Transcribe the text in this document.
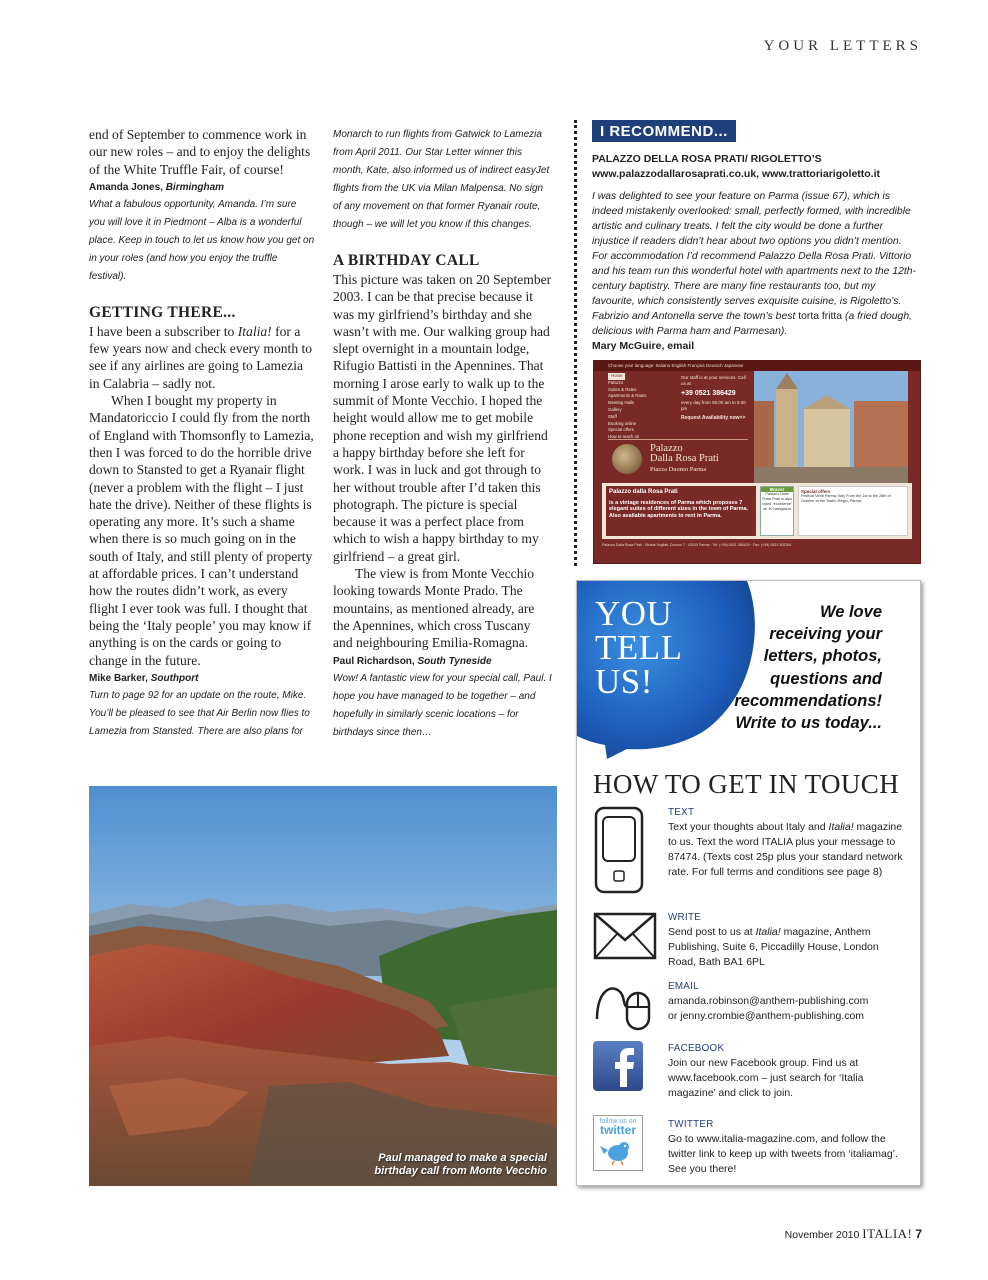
YOUR LETTERS
end of September to commence work in our new roles – and to enjoy the delights of the White Truffle Fair, of course!
Amanda Jones, Birmingham
What a fabulous opportunity, Amanda. I’m sure you will love it in Piedmont – Alba is a wonderful place. Keep in touch to let us know how you get on in your roles (and how you enjoy the truffle festival).
GETTING THERE...

I have been a subscriber to Italia! for a few years now and check every month to see if any airlines are going to Lamezia in Calabria – sadly not.

When I bought my property in Mandatoriccio I could fly from the north of England with Thomsonfly to Lamezia, then I was forced to do the horrible drive down to Stansted to get a Ryanair flight (never a problem with the flight – I just hate the drive). Neither of these flights is operating any more. It’s such a shame when there is so much going on in the south of Italy, and still plenty of property at affordable prices. I can’t understand how the routes didn’t work, as every flight I ever took was full. I thought that being the ‘Italy people’ you may know if anything is on the cards or going to change in the future.

Mike Barker, Southport
Turn to page 92 for an update on the route, Mike. You’ll be pleased to see that Air Berlin now flies to Lamezia from Stansted. There are also plans for
Monarch to run flights from Gatwick to Lamezia from April 2011. Our Star Letter winner this month, Kate, also informed us of indirect easyJet flights from the UK via Milan Malpensa. No sign of any movement on that former Ryanair route, though – we will let you know if this changes.
A BIRTHDAY CALL

This picture was taken on 20 September 2003. I can be that precise because it was my girlfriend’s birthday and she wasn’t with me. Our walking group had slept overnight in a mountain lodge, Rifugio Battisti in the Apennines. That morning I arose early to walk up to the summit of Monte Vecchio. I hoped the height would allow me to get mobile phone reception and wish my girlfriend a happy birthday before she left for work. I was in luck and got through to her without trouble after I’d taken this photograph. The picture is special because it was a perfect place from which to wish a happy birthday to my girlfriend – a great girl.

The view is from Monte Vecchio looking towards Monte Prado. The mountains, as mentioned already, are the Apennines, which cross Tuscany and neighbouring Emilia-Romagna.

Paul Richardson, South Tyneside
Wow! A fantastic view for your special call, Paul. I hope you have managed to be together – and hopefully in similarly scenic locations – for birthdays since then…
Paul managed to make a special
birthday call from Monte Vecchio
I RECOMMEND...
PALAZZO DELLA ROSA PRATI/ RIGOLETTO’S
www.palazzodallarosaprati.co.uk, www.trattoriarigoletto.it
I was delighted to see your feature on Parma (issue 67), which is indeed mistakenly overlooked: small, perfectly formed, with incredible artistic and culinary treats. I felt the city would be done a further injustice if readers didn’t hear about two options you didn’t mention. For accommodation I’d recommend Palazzo Della Rosa Prati. Vittorio and his team run this wonderful hotel with apartments next to the 12th-century baptistry. There are many fine restaurants too, but my favourite, which consistently serves exquisite cuisine, is Rigoletto’s. Fabrizio and Antonella serve the town’s best torta fritta (a fried dough, delicious with Parma ham and Parmesan).
Mary McGuire, email
Choose your language: Italiano English Français Deutsch Japanese
Home
Palazzo
Suites & Rates
Apartments & Rates
Meeting Halls
Gallery
Staff
Booking online
Special offers
How to reach us
Our staff is at your services. Call us at
+39 0521 386429
every day from 08.00 am to 9.00 pm
Request Availability now>>
Palazzo
Dalla Rosa Prati
Piazza Duomo Parma
Palazzo dalla Rosa Prati
is a vintage residences of Parma which proposes 7 elegant suites of different sizes in the town of Parma. Also available apartments to rent in Parma.
Bravo!
Palazzo Dalla Rosa Prati is also voted “eccellente” on 10 navigators
Special offers
Festival Verdi Parma, Italy From the 1st to the 28th of October at the Teatro Regio, Parma
Palazzo Dalla Rosa Prati · Strada Vogliati, Duomo 7 · 43100 Parma · Tel: (+39) 0521 386429 · Fax: (+39) 0521 502284
YOU
TELL
US!
We love
receiving your
letters, photos,
questions and
recommendations!
Write to us today...
HOW TO GET IN TOUCH
TEXT
Text your thoughts about Italy and Italia! magazine to us. Text the word ITALIA plus your message to 87474. (Texts cost 25p plus your standard network rate. For full terms and conditions see page 8)
WRITE
Send post to us at Italia! magazine, Anthem Publishing, Suite 6, Piccadilly House, London Road, Bath BA1 6PL
EMAIL
amanda.robinson@anthem-publishing.com
or jenny.crombie@anthem-publishing.com
FACEBOOK
Join our new Facebook group. Find us at www.facebook.com – just search for ‘Italia magazine’ and click to join.
follow us on
twitter	TWITTER
Go to www.italia-magazine.com, and follow the twitter link to keep up with tweets from ‘italiamag’. See you there!
November 2010 ITALIA! 7
